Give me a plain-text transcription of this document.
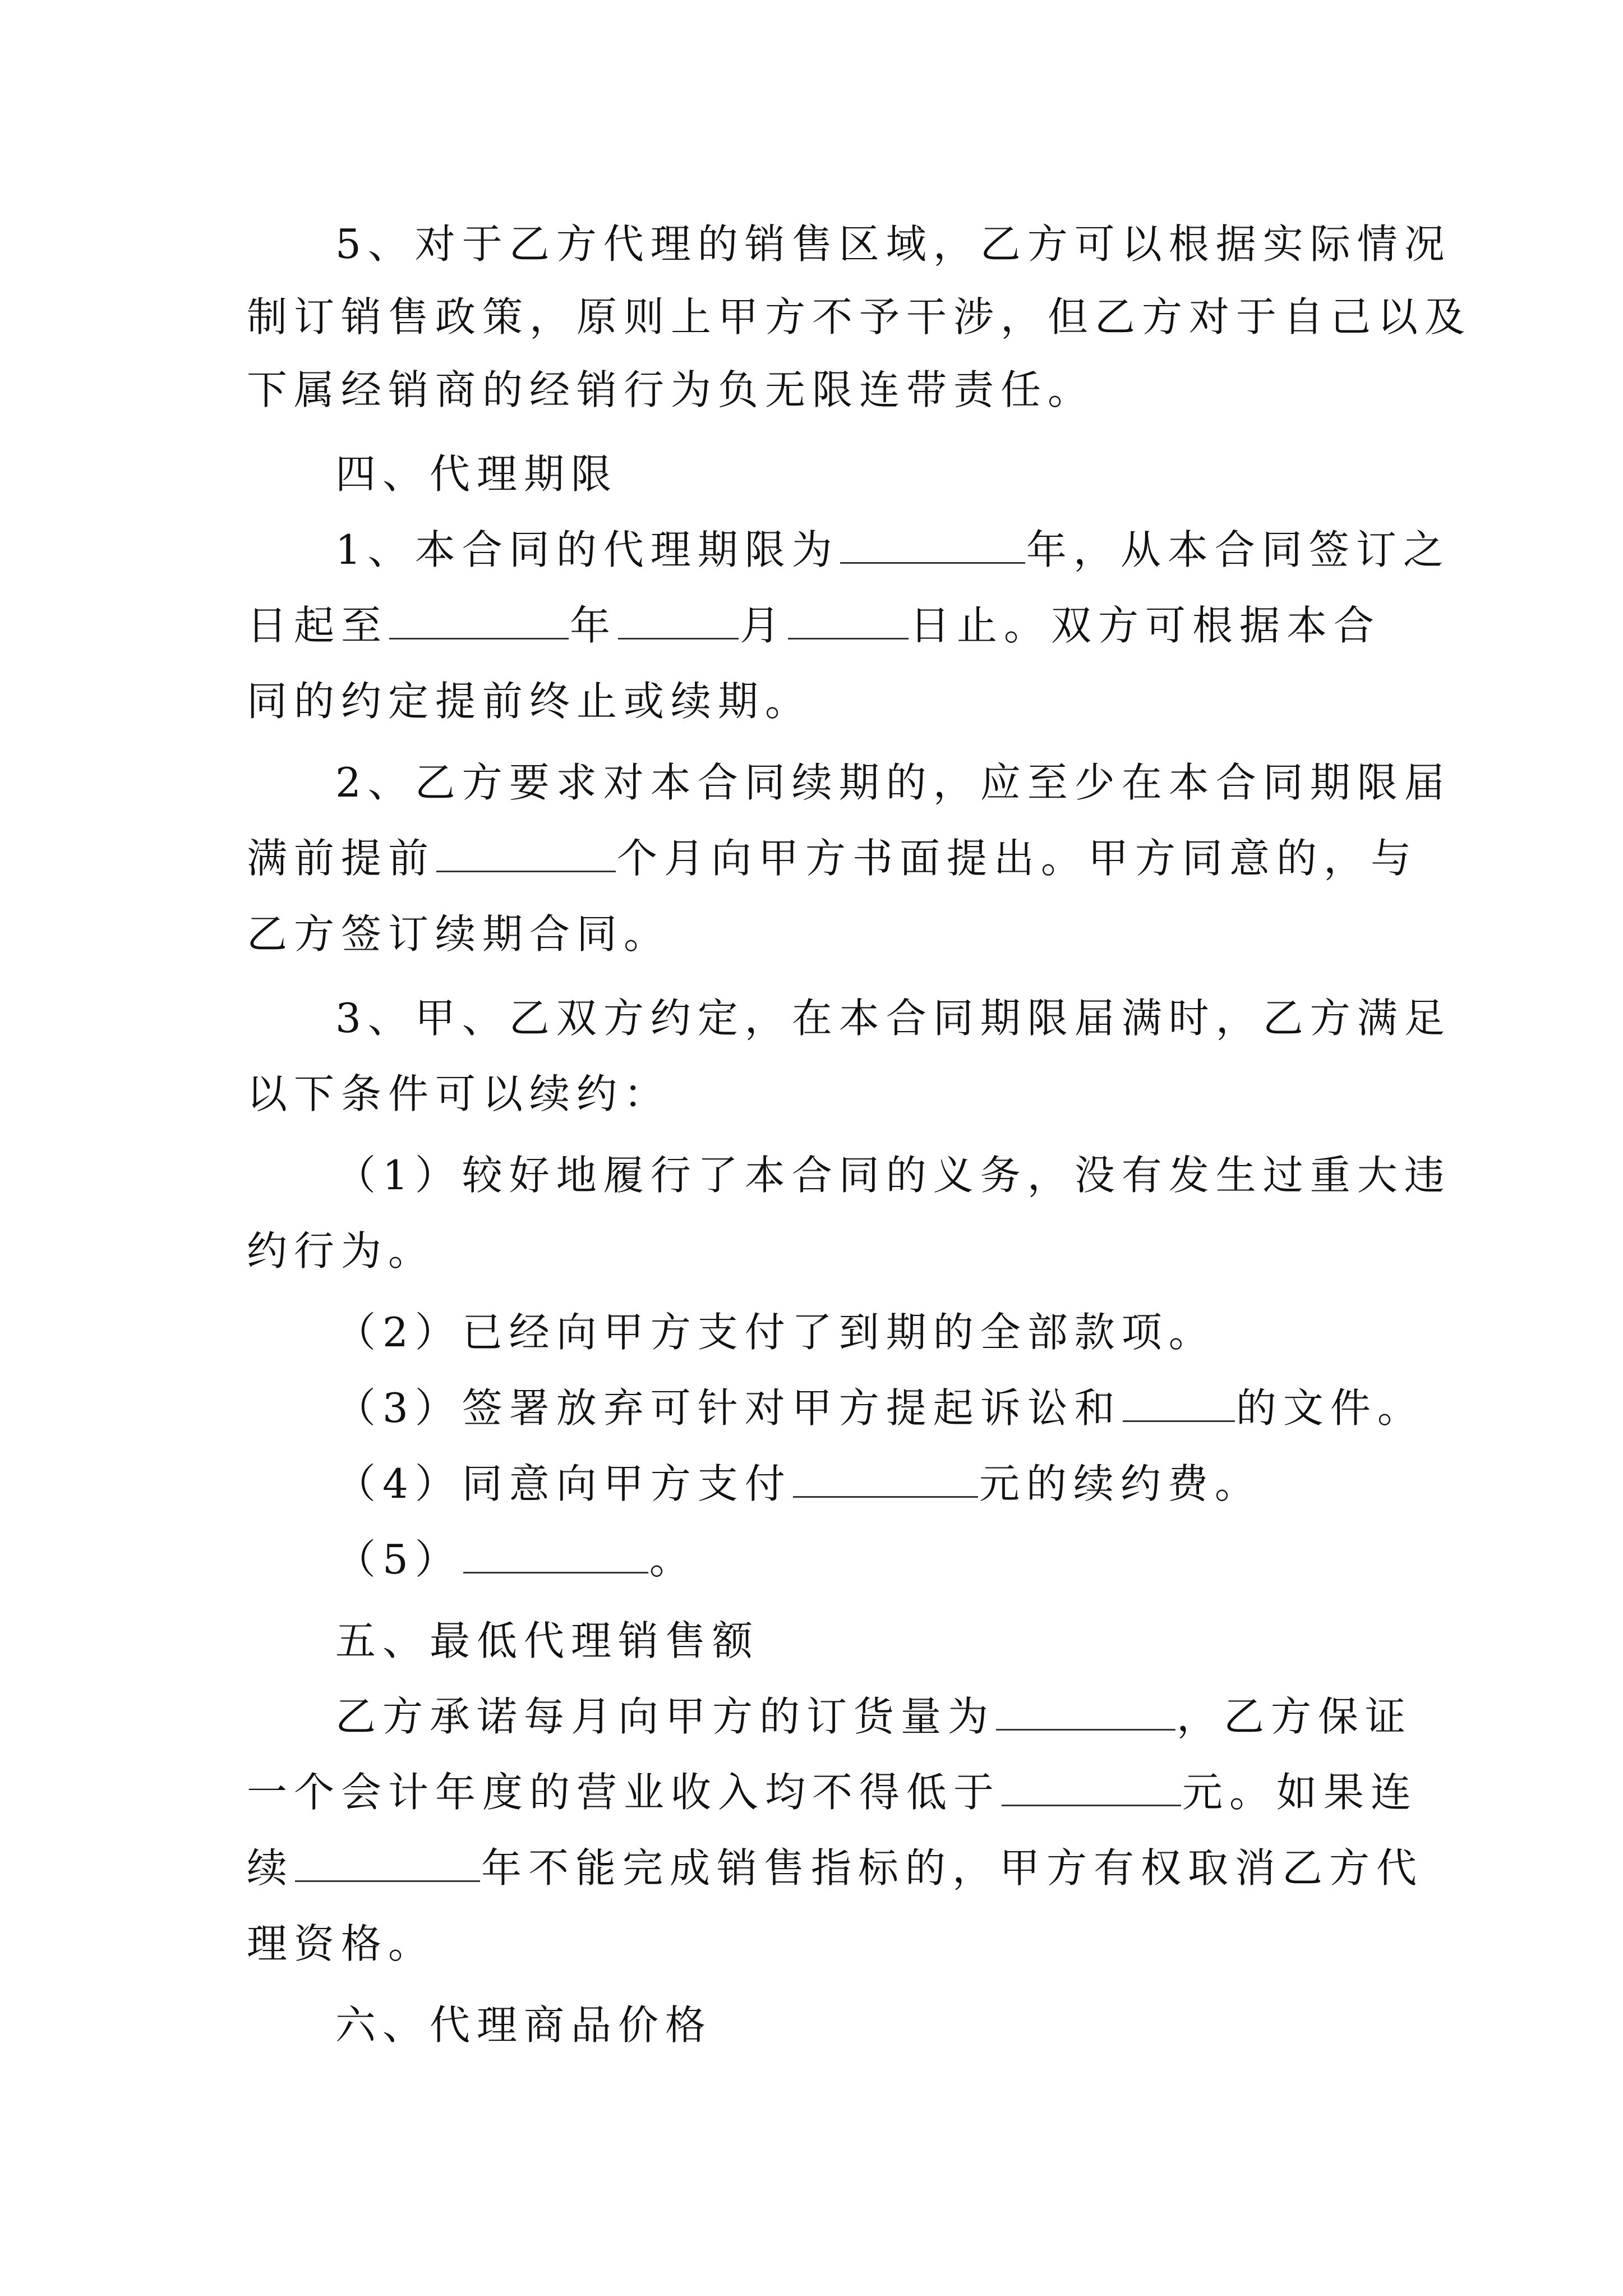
5、对于乙方代理的销售区域，乙方可以根据实际情况
制订销售政策，原则上甲方不予干涉，但乙方对于自己以及
下属经销商的经销行为负无限连带责任。
四、代理期限
1、本合同的代理期限为	年，从本合同签订之
日起至	年	月	日止。双方可根据本合
同的约定提前终止或续期。
2、乙方要求对本合同续期的，应至少在本合同期限届
满前提前	个月向甲方书面提出。甲方同意的，与
乙方签订续期合同。
3、甲、乙双方约定，在本合同期限届满时，乙方满足
以下条件可以续约：
（1）较好地履行了本合同的义务，没有发生过重大违
约行为。
（2）已经向甲方支付了到期的全部款项。
（3）签署放弃可针对甲方提起诉讼和	的文件。
（4）同意向甲方支付	元的续约费。
（5）	。
五、最低代理销售额
乙方承诺每月向甲方的订货量为	，乙方保证
一个会计年度的营业收入均不得低于	元。如果连
续	年不能完成销售指标的，甲方有权取消乙方代
理资格。
六、代理商品价格
